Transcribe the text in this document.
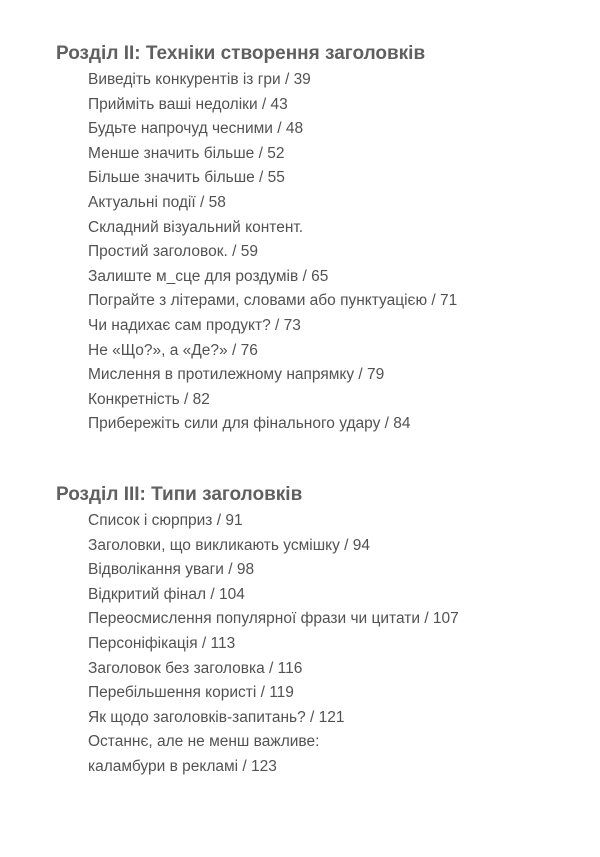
Розділ ІІ: Техніки створення заголовків
Виведіть конкурентів із гри / 39
Прийміть ваші недоліки / 43
Будьте напрочуд чесними / 48
Менше значить більше / 52
Більше значить більше / 55
Актуальні події / 58
Складний візуальний контент.
Простий заголовок. / 59
Залиште м_сце для роздумів / 65
Пограйте з літерами, словами або пунктуацією / 71
Чи надихає сам продукт? / 73
Не «Що?», а «Де?» / 76
Мислення в протилежному напрямку / 79
Конкретність / 82
Прибережіть сили для фінального удару / 84
Розділ ІІІ: Типи заголовків
Список і сюрприз / 91
Заголовки, що викликають усмішку / 94
Відволікання уваги / 98
Відкритий фінал / 104
Переосмислення популярної фрази чи цитати / 107
Персоніфікація / 113
Заголовок без заголовка / 116
Перебільшення користі / 119
Як щодо заголовків-запитань? / 121
Останнє, але не менш важливе:
каламбури в рекламі / 123
